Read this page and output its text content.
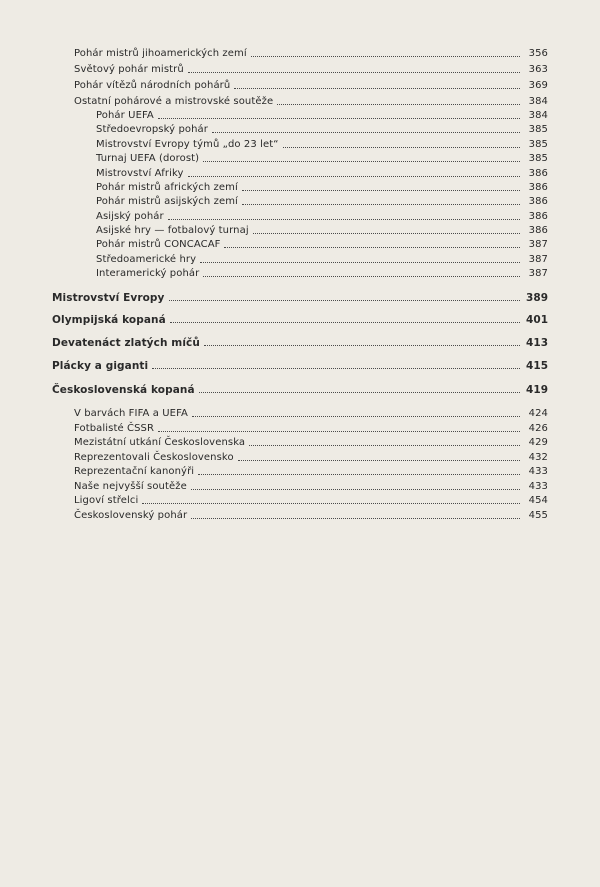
Pohár mistrů jihoamerických zemí	356
Světový pohár mistrů	363
Pohár vítězů národních pohárů	369
Ostatní pohárové a mistrovské soutěže	384
Pohár UEFA	384
Středoevropský pohár	385
Mistrovství Evropy týmů „do 23 let“	385
Turnaj UEFA (dorost)	385
Mistrovství Afriky	386
Pohár mistrů afrických zemí	386
Pohár mistrů asijských zemí	386
Asijský pohár	386
Asijské hry — fotbalový turnaj	386
Pohár mistrů CONCACAF	387
Středoamerické hry	387
Interamerický pohár	387
Mistrovství Evropy	389
Olympijská kopaná	401
Devatenáct zlatých míčů	413
Plácky a giganti	415
Československá kopaná	419
V barvách FIFA a UEFA	424
Fotbalisté ČSSR	426
Mezistátní utkání Československa	429
Reprezentovali Československo	432
Reprezentační kanonýři	433
Naše nejvyšší soutěže	433
Ligoví střelci	454
Československý pohár	455
